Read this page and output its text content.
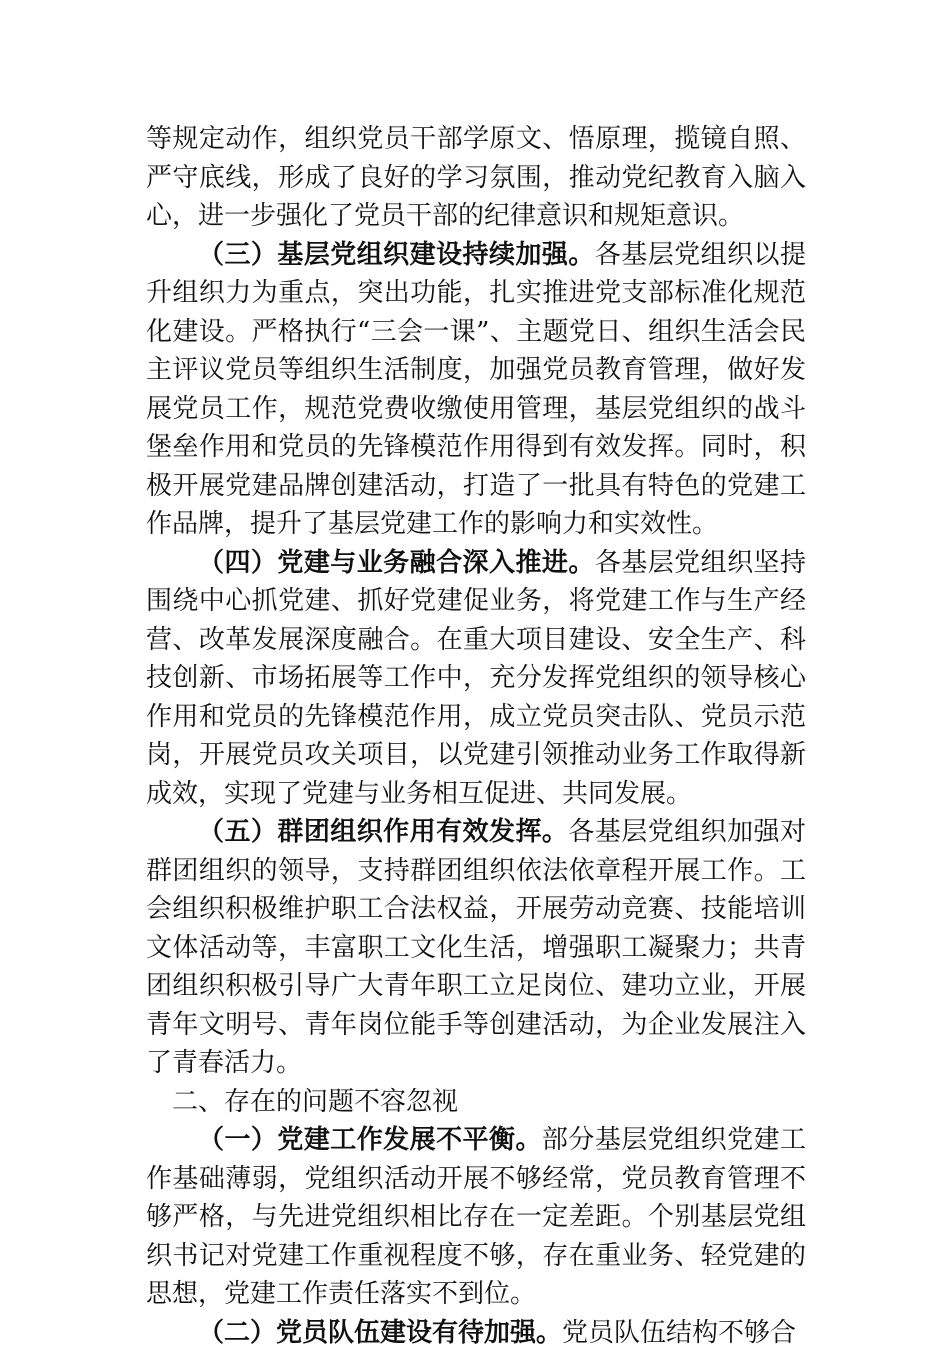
等规定动作，组织党员干部学原文、悟原理，揽镜自照、严守底线，形成了良好的学习氛围，推动党纪教育入脑入心，进一步强化了党员干部的纪律意识和规矩意识。

（三）基层党组织建设持续加强。各基层党组织以提升组织力为重点，突出功能，扎实推进党支部标准化规范化建设。严格执行“三会一课”、主题党日、组织生活会民主评议党员等组织生活制度，加强党员教育管理，做好发展党员工作，规范党费收缴使用管理，基层党组织的战斗堡垒作用和党员的先锋模范作用得到有效发挥。同时，积极开展党建品牌创建活动，打造了一批具有特色的党建工作品牌，提升了基层党建工作的影响力和实效性。

（四）党建与业务融合深入推进。各基层党组织坚持围绕中心抓党建、抓好党建促业务，将党建工作与生产经营、改革发展深度融合。在重大项目建设、安全生产、科技创新、市场拓展等工作中，充分发挥党组织的领导核心作用和党员的先锋模范作用，成立党员突击队、党员示范岗，开展党员攻关项目，以党建引领推动业务工作取得新成效，实现了党建与业务相互促进、共同发展。

（五）群团组织作用有效发挥。各基层党组织加强对群团组织的领导，支持群团组织依法依章程开展工作。工会组织积极维护职工合法权益，开展劳动竞赛、技能培训文体活动等，丰富职工文化生活，增强职工凝聚力；共青团组织积极引导广大青年职工立足岗位、建功立业，开展青年文明号、青年岗位能手等创建活动，为企业发展注入了青春活力。

二、存在的问题不容忽视

（一）党建工作发展不平衡。部分基层党组织党建工作基础薄弱，党组织活动开展不够经常，党员教育管理不够严格，与先进党组织相比存在一定差距。个别基层党组织书记对党建工作重视程度不够，存在重业务、轻党建的思想，党建工作责任落实不到位。

（二）党员队伍建设有待加强。党员队伍结构不够合
